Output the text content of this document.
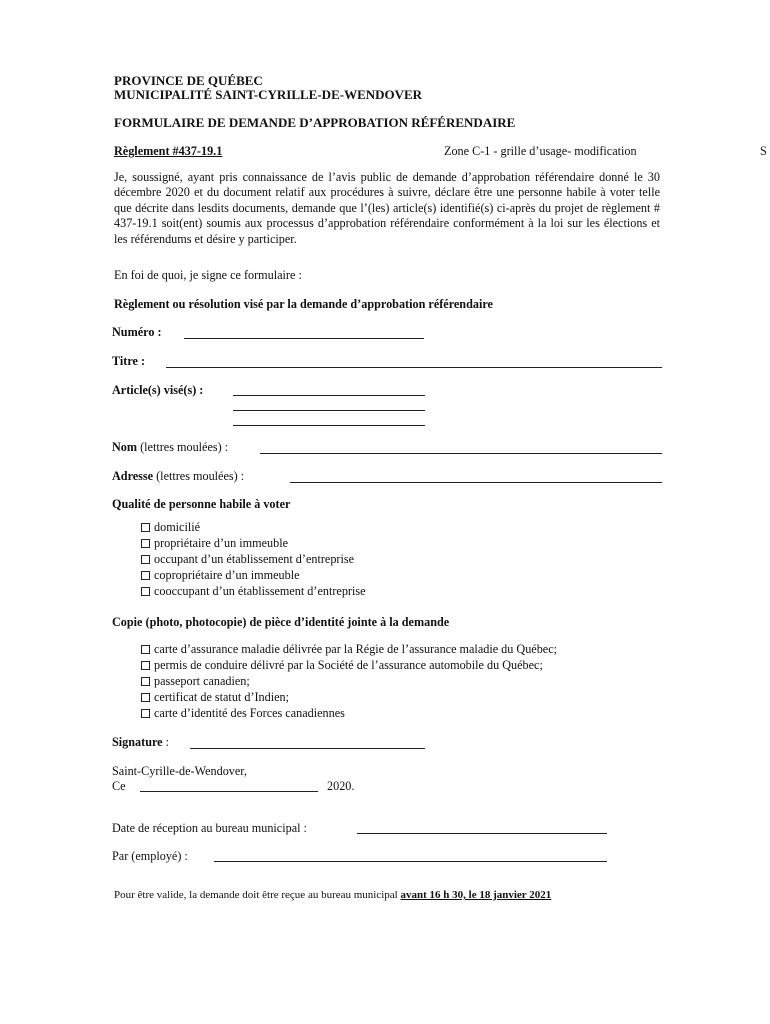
PROVINCE DE QUÉBEC
MUNICIPALITÉ SAINT-CYRILLE-DE-WENDOVER
FORMULAIRE DE DEMANDE D’APPROBATION RÉFÉRENDAIRE
Règlement #437-19.1	Zone C-1 - grille d’usage- modification	S
Je, soussigné, ayant pris connaissance de l’avis public de demande d’approbation référendaire donné le 30 décembre 2020 et du document relatif aux procédures à suivre, déclare être une personne habile à voter telle que décrite dans lesdits documents, demande que l’(les) article(s) identifié(s) ci-après du projet de règlement # 437-19.1 soit(ent) soumis aux processus d’approbation référendaire conformément à la loi sur les élections et les référendums et désire y participer.
En foi de quoi, je signe ce formulaire :
Règlement ou résolution visé par la demande d’approbation référendaire
Numéro :
Titre :
Article(s) visé(s) :
Nom (lettres moulées) :
Adresse (lettres moulées) :
Qualité de personne habile à voter
domicilié
propriétaire d’un immeuble
occupant d’un établissement d’entreprise
copropriétaire d’un immeuble
cooccupant d’un établissement d’entreprise
Copie (photo, photocopie) de pièce d’identité jointe à la demande
carte d’assurance maladie délivrée par la Régie de l’assurance maladie du Québec;
permis de conduire délivré par la Société de l’assurance automobile du Québec;
passeport canadien;
certificat de statut d’Indien;
carte d’identité des Forces canadiennes
Signature :
Saint-Cyrille-de-Wendover,
Ce	2020.
Date de réception au bureau municipal :
Par (employé) :
Pour être valide, la demande doit être reçue au bureau municipal avant 16 h 30, le 18 janvier 2021
